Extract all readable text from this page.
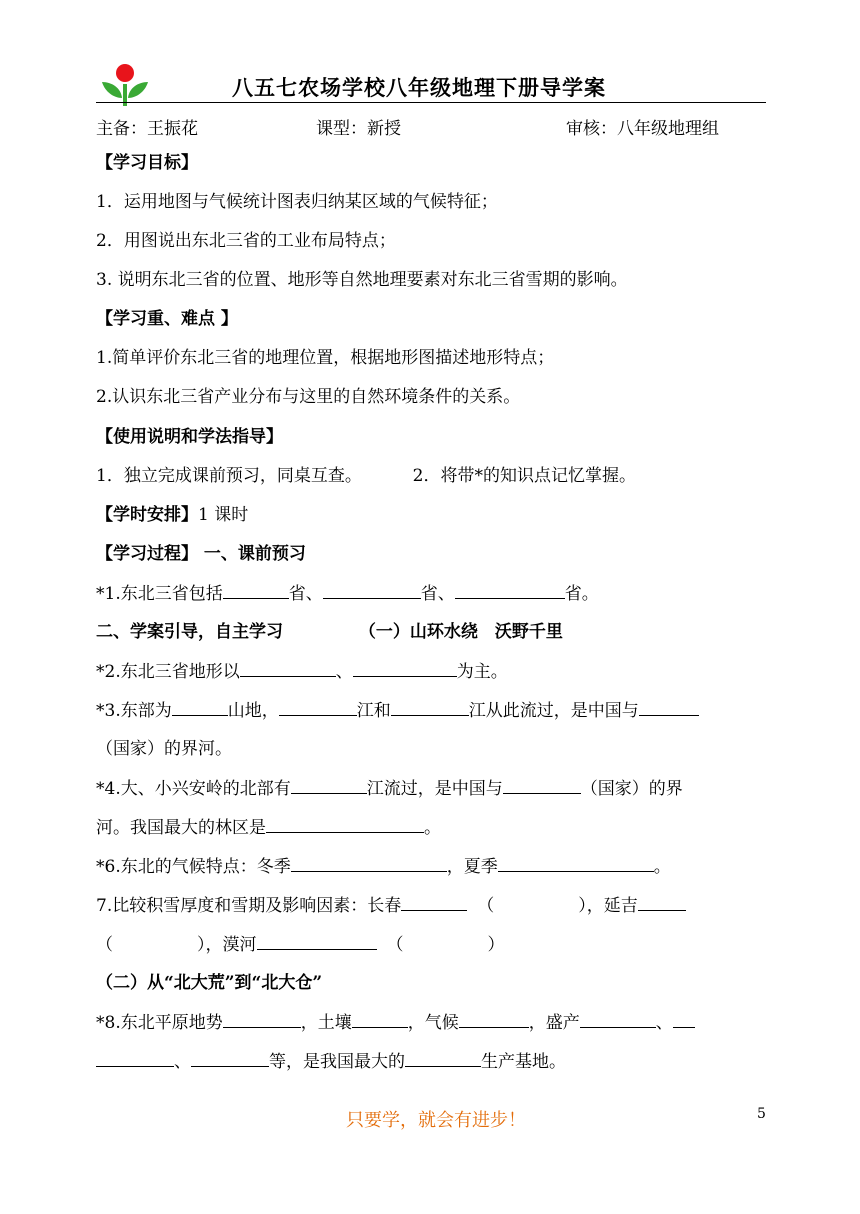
八五七农场学校八年级地理下册导学案
主备：王振花	课型：新授	审核：八年级地理组
【学习目标】
1．运用地图与气候统计图表归纳某区域的气候特征；
2．用图说出东北三省的工业布局特点；
3. 说明东北三省的位置、地形等自然地理要素对东北三省雪期的影响。
【学习重、难点 】
1.简单评价东北三省的地理位置，根据地形图描述地形特点；
2.认识东北三省产业分布与这里的自然环境条件的关系。
【使用说明和学法指导】
1．独立完成课前预习，同桌互查。	2．将带*的知识点记忆掌握。
【学时安排】1 课时
【学习过程】 一、课前预习
*1.东北三省包括	省、	省、	省。
二、学案引导，自主学习	（一）山环水绕　沃野千里
*2.东北三省地形以	、	为主。
*3.东部为	山地，	江和	江从此流过，是中国与
（国家）的界河。
*4.大、小兴安岭的北部有	江流过，是中国与	（国家）的界
河。我国最大的林区是	。
*6.东北的气候特点：冬季	，夏季	。
7.比较积雪厚度和雪期及影响因素：长春	（	），延吉
（	），漠河	（	）
（二）从“北大荒”到“北大仓”
*8.东北平原地势	，土壤	，气候	，盛产	、
、	等，是我国最大的	生产基地。
只要学，就会有进步！	5
